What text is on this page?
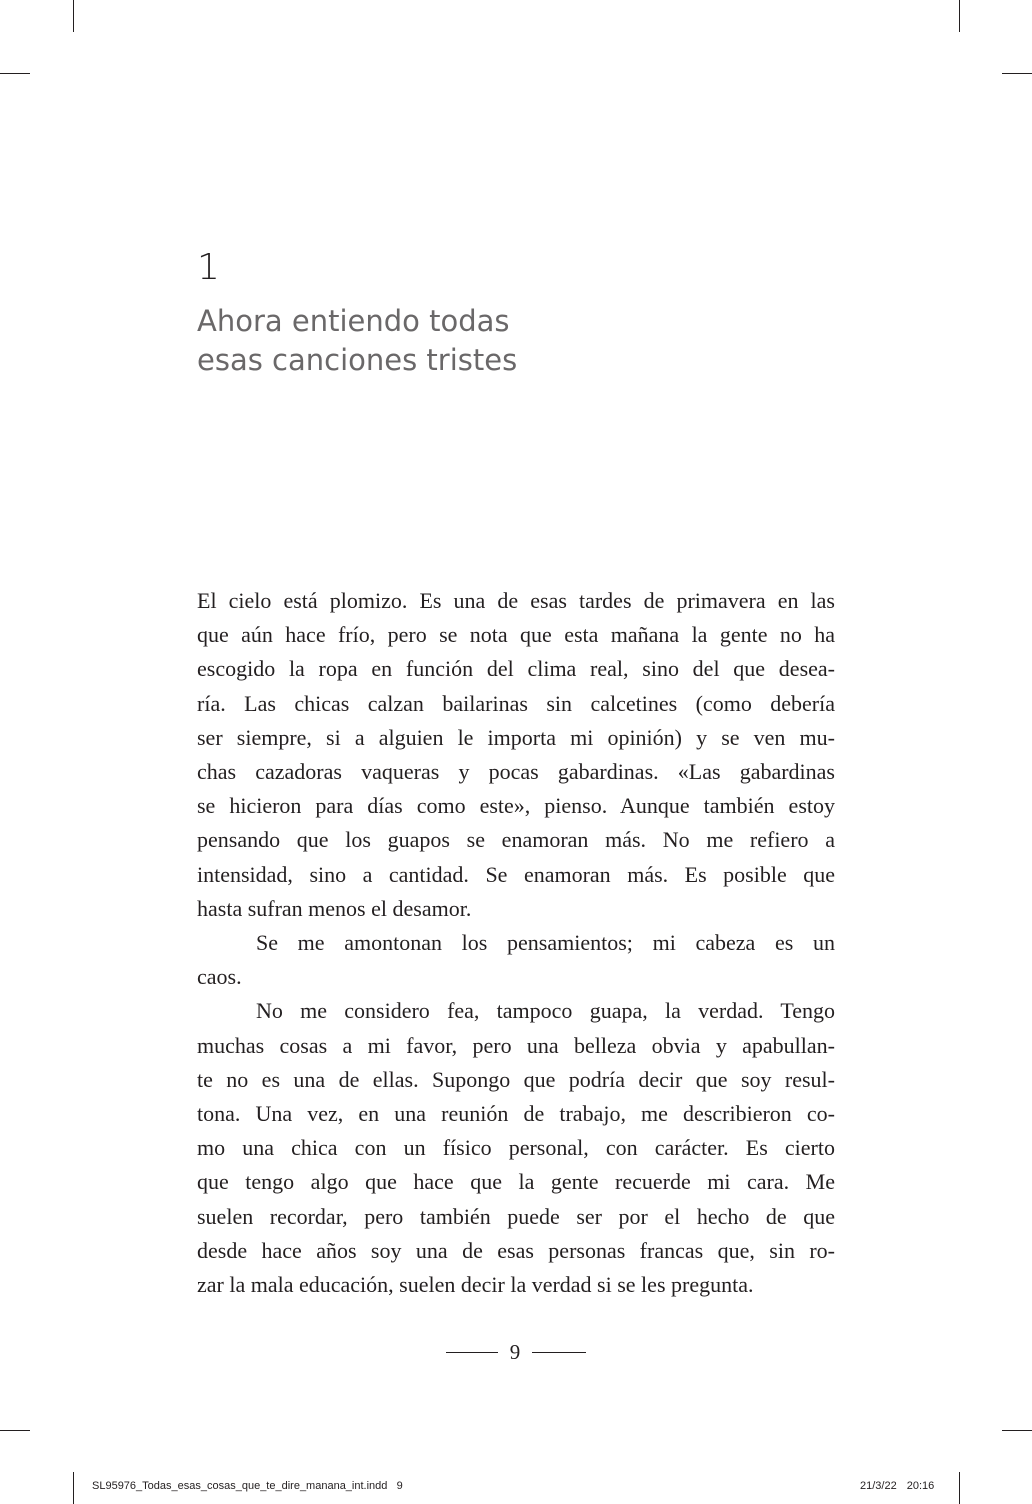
1
Ahora entiendo todas
esas canciones tristes

El cielo está plomizo. Es una de esas tardes de primavera en las
que aún hace frío, pero se nota que esta mañana la gente no ha
escogido la ropa en función del clima real, sino del que desea-
ría. Las chicas calzan bailarinas sin calcetines (como debería
ser siempre, si a alguien le importa mi opinión) y se ven mu-
chas cazadoras vaqueras y pocas gabardinas. «Las gabardinas
se hicieron para días como este», pienso. Aunque también estoy
pensando que los guapos se enamoran más. No me refiero a
intensidad, sino a cantidad. Se enamoran más. Es posible que
hasta sufran menos el desamor.

Se me amontonan los pensamientos; mi cabeza es un
caos.

No me considero fea, tampoco guapa, la verdad. Tengo
muchas cosas a mi favor, pero una belleza obvia y apabullan-
te no es una de ellas. Supongo que podría decir que soy resul-
tona. Una vez, en una reunión de trabajo, me describieron co-
mo una chica con un físico personal, con carácter. Es cierto
que tengo algo que hace que la gente recuerde mi cara. Me
suelen recordar, pero también puede ser por el hecho de que
desde hace años soy una de esas personas francas que, sin ro-
zar la mala educación, suelen decir la verdad si se les pregunta.

9
SL95976_Todas_esas_cosas_que_te_dire_manana_int.indd   9	21/3/22 20:16
